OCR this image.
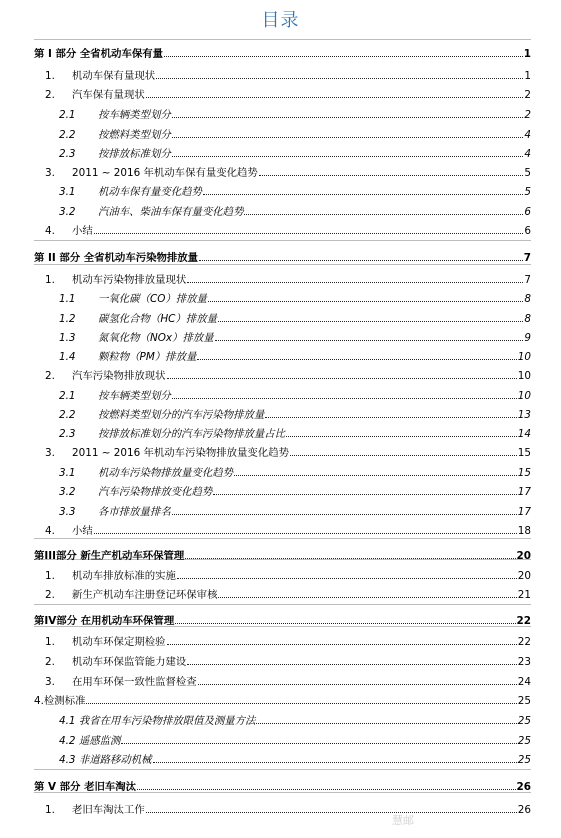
目录
第 I 部分 全省机动车保有量	1
1.	机动车保有量现状	1
2.	汽车保有量现状	2
2.1	按车辆类型划分	2
2.2	按燃料类型划分	4
2.3	按排放标准划分	4
3.	2011 ~ 2016 年机动车保有量变化趋势	5
3.1	机动车保有量变化趋势	5
3.2	汽油车、柴油车保有量变化趋势	6
4.	小结	6
第 II 部分 全省机动车污染物排放量	7
1.	机动车污染物排放量现状	7
1.1	一氧化碳（CO）排放量	8
1.2	碳氢化合物（HC）排放量	8
1.3	氮氧化物（NOx）排放量	9
1.4	颗粒物（PM）排放量	10
2.	汽车污染物排放现状	10
2.1	按车辆类型划分	10
2.2	按燃料类型划分的汽车污染物排放量	13
2.3	按排放标准划分的汽车污染物排放量占比	14
3.	2011 ~ 2016 年机动车污染物排放量变化趋势	15
3.1	机动车污染物排放量变化趋势	15
3.2	汽车污染物排放变化趋势	17
3.3	各市排放量排名	17
4.	小结	18
第III部分 新生产机动车环保管理	20
1.	机动车排放标准的实施	20
2.	新生产机动车注册登记环保审核	21
第IV部分 在用机动车环保管理	22
1.	机动车环保定期检验	22
2.	机动车环保监管能力建设	23
3.	在用车环保一致性监督检查	24
4.检测标准	25
4.1 我省在用车污染物排放限值及测量方法	25
4.2 遥感监测	25
4.3 非道路移动机械	25
第 V 部分 老旧车淘汰	26
1.	老旧车淘汰工作	26
慧邮
